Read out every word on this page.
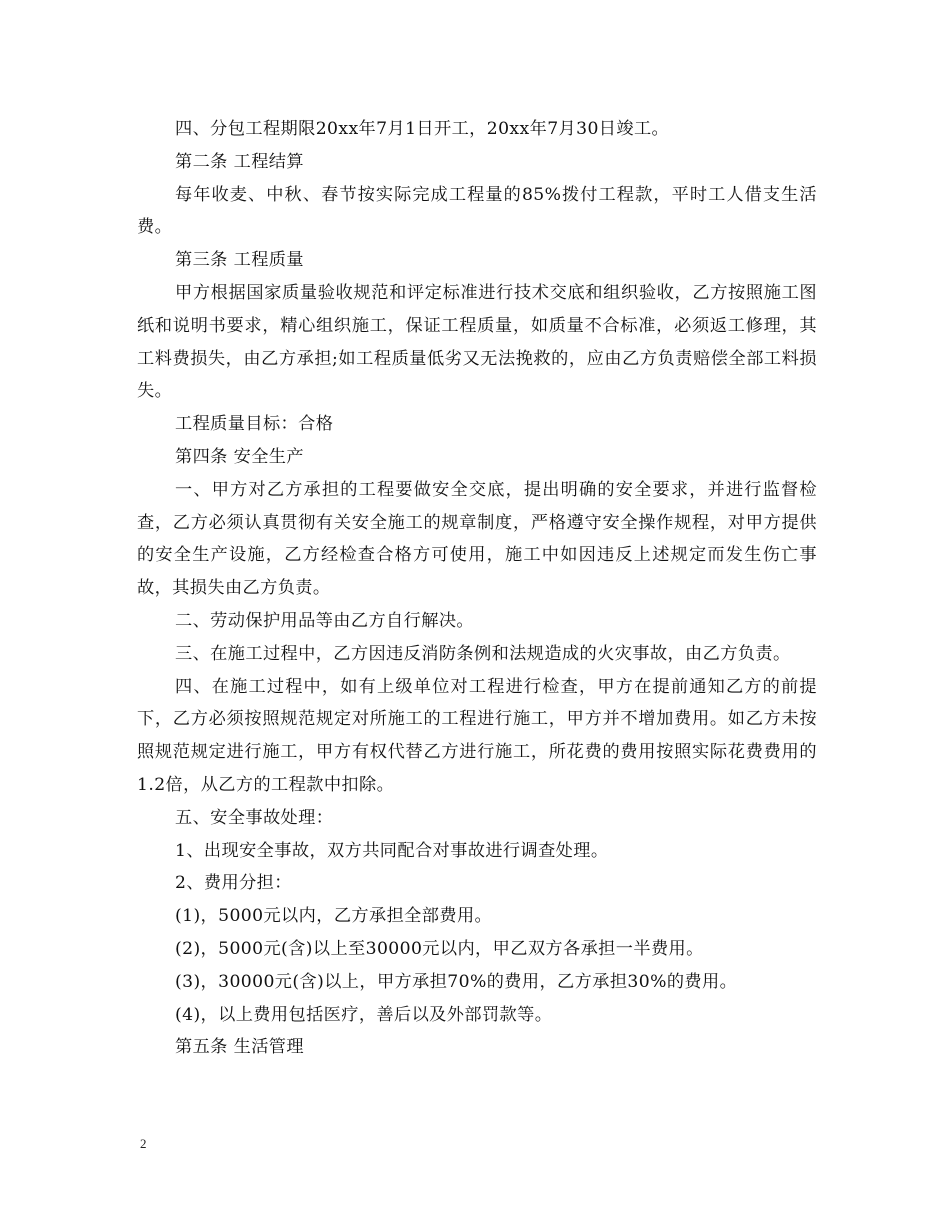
四、分包工程期限20xx年7月1日开工，20xx年7月30日竣工。

第二条 工程结算

每年收麦、中秋、春节按实际完成工程量的85%拨付工程款，平时工人借支生活费。

第三条 工程质量

甲方根据国家质量验收规范和评定标准进行技术交底和组织验收，乙方按照施工图纸和说明书要求，精心组织施工，保证工程质量，如质量不合标准，必须返工修理，其工料费损失，由乙方承担;如工程质量低劣又无法挽救的，应由乙方负责赔偿全部工料损失。

工程质量目标：合格

第四条 安全生产

一、甲方对乙方承担的工程要做安全交底，提出明确的安全要求，并进行监督检查，乙方必须认真贯彻有关安全施工的规章制度，严格遵守安全操作规程，对甲方提供的安全生产设施，乙方经检查合格方可使用，施工中如因违反上述规定而发生伤亡事故，其损失由乙方负责。

二、劳动保护用品等由乙方自行解决。

三、在施工过程中，乙方因违反消防条例和法规造成的火灾事故，由乙方负责。

四、在施工过程中，如有上级单位对工程进行检查，甲方在提前通知乙方的前提下，乙方必须按照规范规定对所施工的工程进行施工，甲方并不增加费用。如乙方未按照规范规定进行施工，甲方有权代替乙方进行施工，所花费的费用按照实际花费费用的1.2倍，从乙方的工程款中扣除。

五、安全事故处理：

1、出现安全事故，双方共同配合对事故进行调查处理。

2、费用分担：

(1)，5000元以内，乙方承担全部费用。

(2)，5000元(含)以上至30000元以内，甲乙双方各承担一半费用。

(3)，30000元(含)以上，甲方承担70%的费用，乙方承担30%的费用。

(4)，以上费用包括医疗，善后以及外部罚款等。

第五条 生活管理

2
